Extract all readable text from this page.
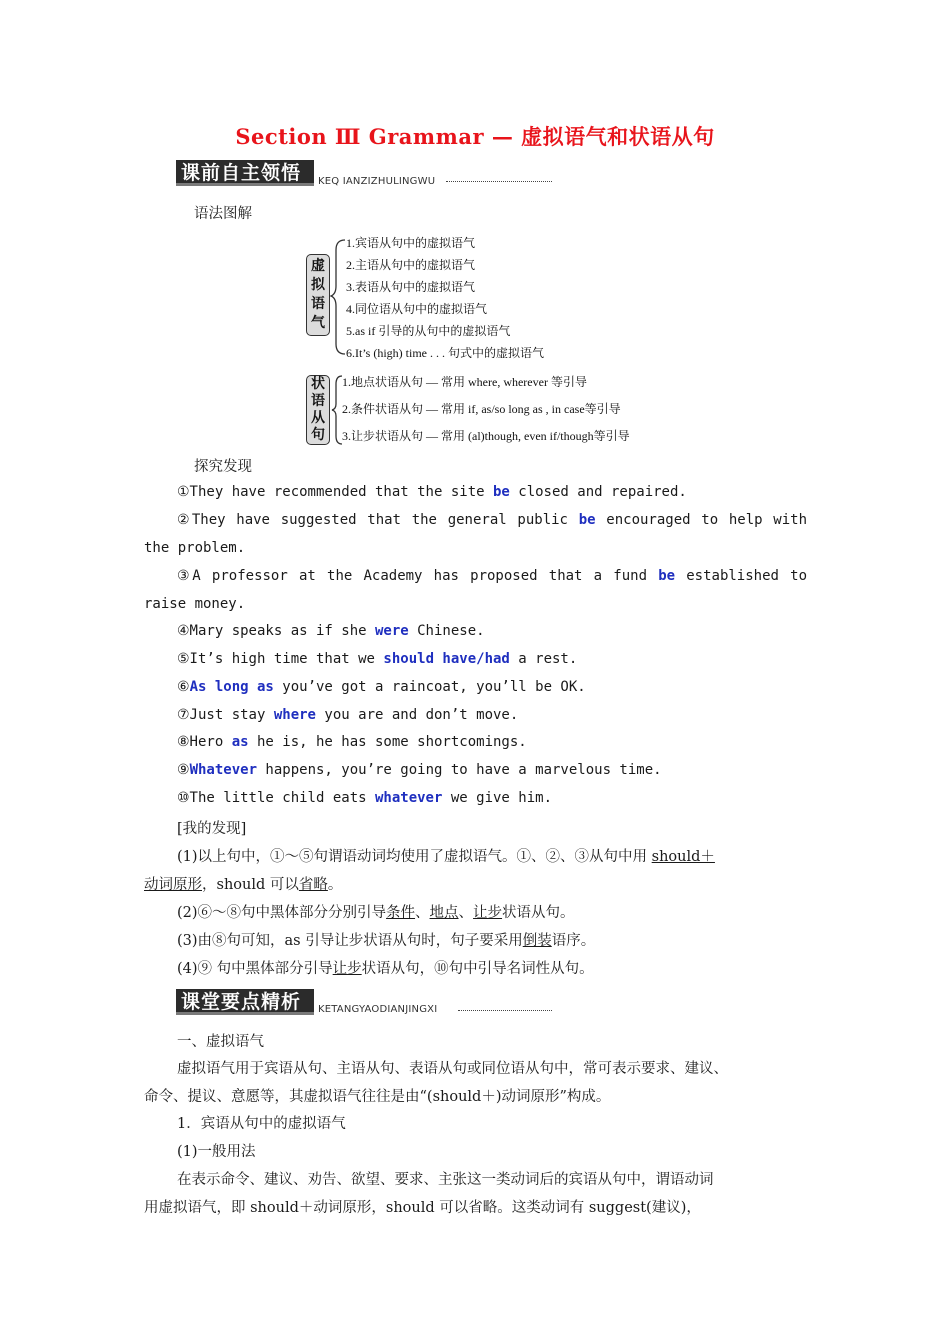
Section Ⅲ Grammar — 虚拟语气和状语从句
课前自主领悟	KEQ IANZIZHULINGWU
语法图解
虚拟语气
1.宾语从句中的虚拟语气
2.主语从句中的虚拟语气
3.表语从句中的虚拟语气
4.同位语从句中的虚拟语气
5.as if 引导的从句中的虚拟语气
6.It’s (high) time . . . 句式中的虚拟语气
状语从句
1.地点状语从句 — 常用 where, wherever 等引导
2.条件状语从句 — 常用 if, as/so long as , in case等引导
3.让步状语从句 — 常用 (al)though, even if/though等引导
探究发现
①They have recommended that the site be closed and repaired.
②They have suggested that the general public be encouraged to help with
the problem.
③A professor at the Academy has proposed that a fund be established to
raise money.
④Mary speaks as if she were Chinese.
⑤It’s high time that we should have/had a rest.
⑥As long as you’ve got a raincoat, you’ll be OK.
⑦Just stay where you are and don’t move.
⑧Hero as he is, he has some shortcomings.
⑨Whatever happens, you’re going to have a marvelous time.
⑩The little child eats whatever we give him.
[我的发现]
(1)以上句中，①～⑤句谓语动词均使用了虚拟语气。①、②、③从句中用 should＋
动词原形，should 可以省略。
(2)⑥～⑧句中黑体部分分别引导条件、地点、让步状语从句。
(3)由⑧句可知，as 引导让步状语从句时，句子要采用倒装语序。
(4)⑨ 句中黑体部分引导让步状语从句，⑩句中引导名词性从句。
课堂要点精析	KETANGYAODIANJINGXI
一、虚拟语气
虚拟语气用于宾语从句、主语从句、表语从句或同位语从句中，常可表示要求、建议、
命令、提议、意愿等，其虚拟语气往往是由“(should＋)动词原形”构成。
1．宾语从句中的虚拟语气
(1)一般用法
在表示命令、建议、劝告、欲望、要求、主张这一类动词后的宾语从句中，谓语动词
用虚拟语气，即 should＋动词原形，should 可以省略。这类动词有 suggest(建议)，
